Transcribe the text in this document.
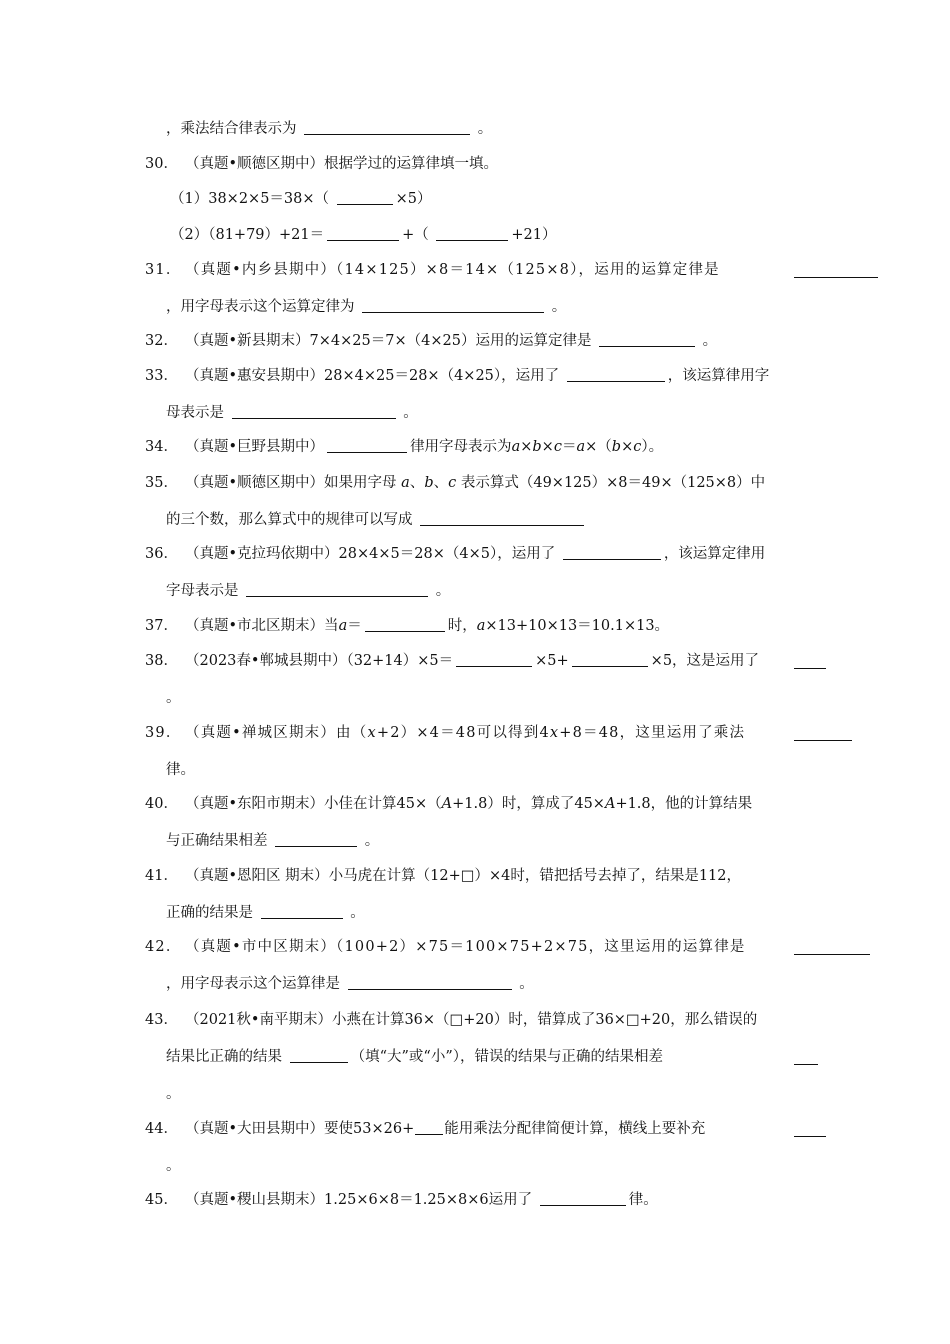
，乘法结合律表示为	。
30． （真题•顺德区期中）根据学过的运算律填一填。
（1）38×2×5＝38×（	×5）
（2）（81+79）+21＝	+（	+21）
31． （真题•内乡县期中）（14×125）×8＝14×（125×8），运用的运算定律是
，用字母表示这个运算定律为	。
32． （真题•新县期末）7×4×25＝7×（4×25）运用的运算定律是	。
33． （真题•惠安县期中）28×4×25＝28×（4×25），运用了	，该运算律用字
母表示是	。
34． （真题•巨野县期中）	律用字母表示为a×b×c＝a×（b×c）。
35． （真题•顺德区期中）如果用字母 a、b、c 表示算式（49×125）×8＝49×（125×8）中
的三个数，那么算式中的规律可以写成
36． （真题•克拉玛依期中）28×4×5＝28×（4×5），运用了	，该运算定律用
字母表示是	。
37． （真题•市北区期末）当a＝	时，a×13+10×13＝10.1×13。
38． （2023春•郸城县期中）（32+14）×5＝	×5+	×5，这是运用了
。
39． （真题•禅城区期末）由（x+2）×4＝48可以得到4x+8＝48，这里运用了乘法
律。
40． （真题•东阳市期末）小佳在计算45×（A+1.8）时，算成了45×A+1.8，他的计算结果
与正确结果相差	。
41． （真题•恩阳区 期末）小马虎在计算（12+□）×4时，错把括号去掉了，结果是112，
正确的结果是	。
42． （真题•市中区期末）（100+2）×75＝100×75+2×75，这里运用的运算律是
，用字母表示这个运算律是	。
43． （2021秋•南平期末）小燕在计算36×（□+20）时，错算成了36×□+20，那么错误的
结果比正确的结果	（填“大”或“小”），错误的结果与正确的结果相差
。
44． （真题•大田县期中）要使53×26+ 能用乘法分配律简便计算，横线上要补充
。
45． （真题•稷山县期末）1.25×6×8＝1.25×8×6运用了	律。
